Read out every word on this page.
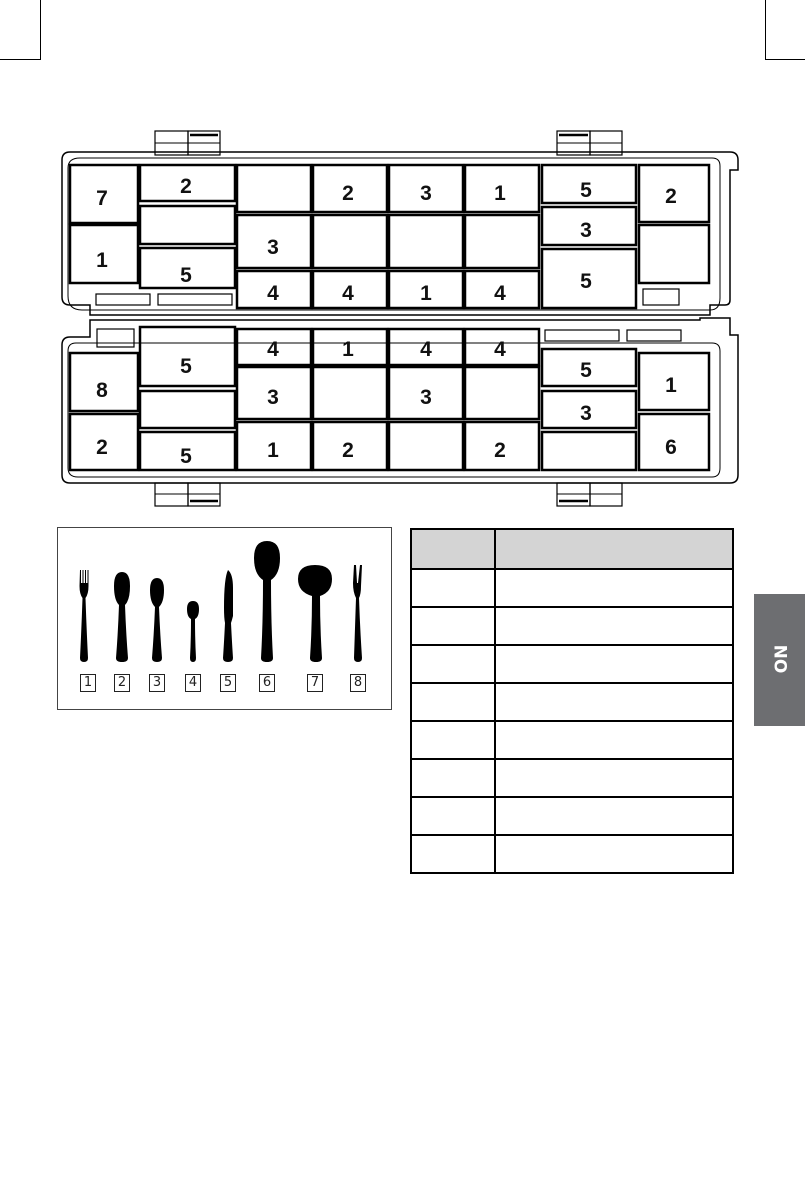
7
2	2	3	1	5	2
1
3
3
5	5
4	4	1	4
5
4	1	4	4
8
5
1
3	3
3
2	5	1	2	2	6
1 2 3 4 5 6	7	8

NO
